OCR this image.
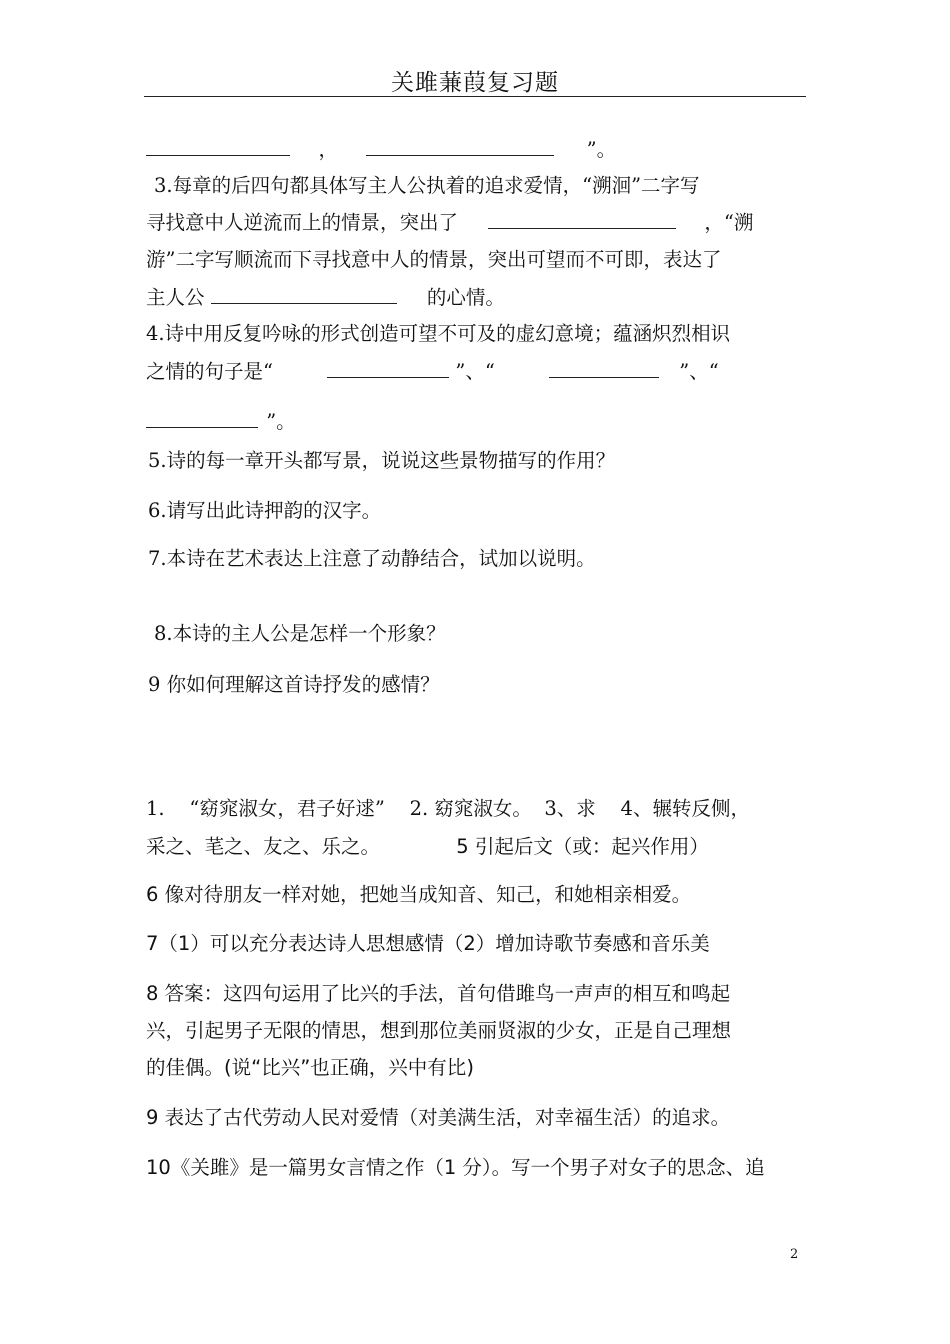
关雎蒹葭复习题
，	”。
3.每章的后四句都具体写主人公执着的追求爱情，“溯洄”二字写
寻找意中人逆流而上的情景，突出了	，“溯
游”二字写顺流而下寻找意中人的情景，突出可望而不可即，表达了
主人公	的心情。
4.诗中用反复吟咏的形式创造可望不可及的虚幻意境；蕴涵炽烈相识
之情的句子是“	”、“	”、“
”。
5.诗的每一章开头都写景，说说这些景物描写的作用？
6.请写出此诗押韵的汉字。
7.本诗在艺术表达上注意了动静结合，试加以说明。
8.本诗的主人公是怎样一个形象？
9 你如何理解这首诗抒发的感情？
1.    “窈窕淑女，君子好逑”    2. 窈窕淑女。  3、求    4、辗转反侧，
采之、芼之、友之、乐之。	5 引起后文（或：起兴作用）
6 像对待朋友一样对她，把她当成知音、知己，和她相亲相爱。
7（1）可以充分表达诗人思想感情（2）增加诗歌节奏感和音乐美
8 答案：这四句运用了比兴的手法，首句借雎鸟一声声的相互和鸣起
兴，引起男子无限的情思，想到那位美丽贤淑的少女，正是自己理想
的佳偶。(说“比兴”也正确，兴中有比)
9 表达了古代劳动人民对爱情（对美满生活，对幸福生活）的追求。
10《关雎》是一篇男女言情之作（1 分）。写一个男子对女子的思念、追
2
